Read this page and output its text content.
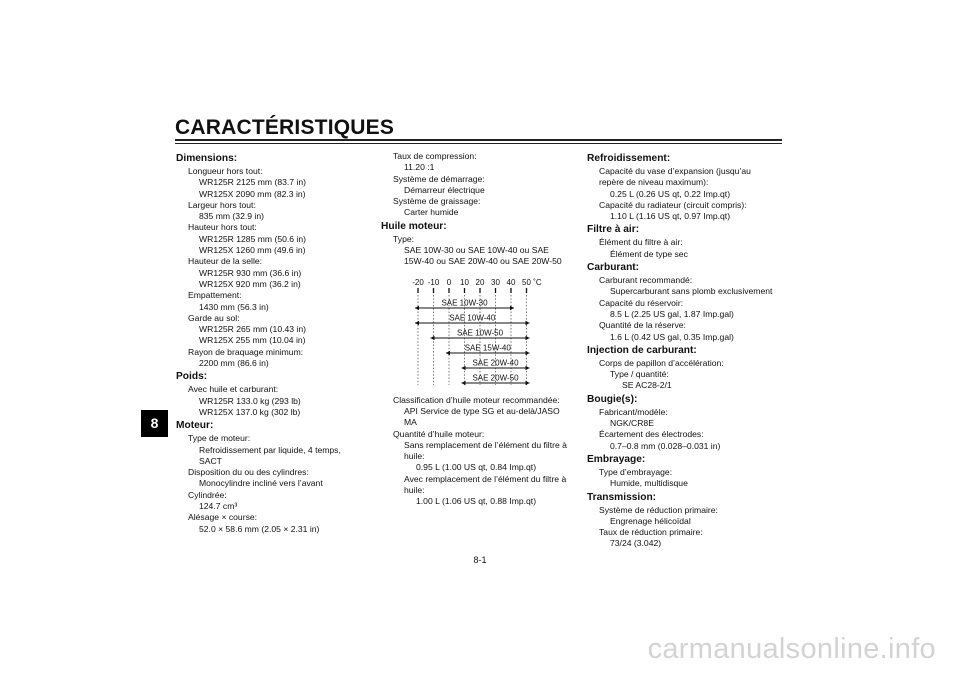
CARACTÉRISTIQUES
8
Dimensions:
Longueur hors tout:
WR125R 2125 mm (83.7 in)
WR125X 2090 mm (82.3 in)
Largeur hors tout:
835 mm (32.9 in)
Hauteur hors tout:
WR125R 1285 mm (50.6 in)
WR125X 1260 mm (49.6 in)
Hauteur de la selle:
WR125R 930 mm (36.6 in)
WR125X 920 mm (36.2 in)
Empattement:
1430 mm (56.3 in)
Garde au sol:
WR125R 265 mm (10.43 in)
WR125X 255 mm (10.04 in)
Rayon de braquage minimum:
2200 mm (86.6 in)
Poids:
Avec huile et carburant:
WR125R 133.0 kg (293 lb)
WR125X 137.0 kg (302 lb)
Moteur:
Type de moteur:
Refroidissement par liquide, 4 temps,
SACT
Disposition du ou des cylindres:
Monocylindre incliné vers l’avant
Cylindrée:
124.7 cm³
Alésage × course:
52.0 × 58.6 mm (2.05 × 2.31 in)
Taux de compression:
11.20 :1
Système de démarrage:
Démarreur électrique
Système de graissage:
Carter humide
Huile moteur:
Type:
SAE 10W-30 ou SAE 10W-40 ou SAE
15W-40 ou SAE 20W-40 ou SAE 20W-50
-20 -10 0 10 20 30 40 50 ˚C
SAE 10W-30
SAE 10W-40
SAE 10W-50
SAE 15W-40
SAE 20W-40
SAE 20W-50
Classification d’huile moteur recommandée:
API Service de type SG et au-delà/JASO
MA
Quantité d’huile moteur:
Sans remplacement de l’élément du filtre à
huile:
0.95 L (1.00 US qt, 0.84 Imp.qt)
Avec remplacement de l’élément du filtre à
huile:
1.00 L (1.06 US qt, 0.88 Imp.qt)
Refroidissement:
Capacité du vase d’expansion (jusqu’au
repère de niveau maximum):
0.25 L (0.26 US qt, 0.22 Imp.qt)
Capacité du radiateur (circuit compris):
1.10 L (1.16 US qt, 0.97 Imp.qt)
Filtre à air:
Élément du filtre à air:
Élément de type sec
Carburant:
Carburant recommandé:
Supercarburant sans plomb exclusivement
Capacité du réservoir:
8.5 L (2.25 US gal, 1.87 Imp.gal)
Quantité de la réserve:
1.6 L (0.42 US gal, 0.35 Imp.gal)
Injection de carburant:
Corps de papillon d’accélération:
Type / quantité:
SE AC28-2/1
Bougie(s):
Fabricant/modèle:
NGK/CR8E
Écartement des électrodes:
0.7–0.8 mm (0.028–0.031 in)
Embrayage:
Type d’embrayage:
Humide, multidisque
Transmission:
Système de réduction primaire:
Engrenage hélicoïdal
Taux de réduction primaire:
73/24 (3.042)
8-1
carmanualsonline.info
